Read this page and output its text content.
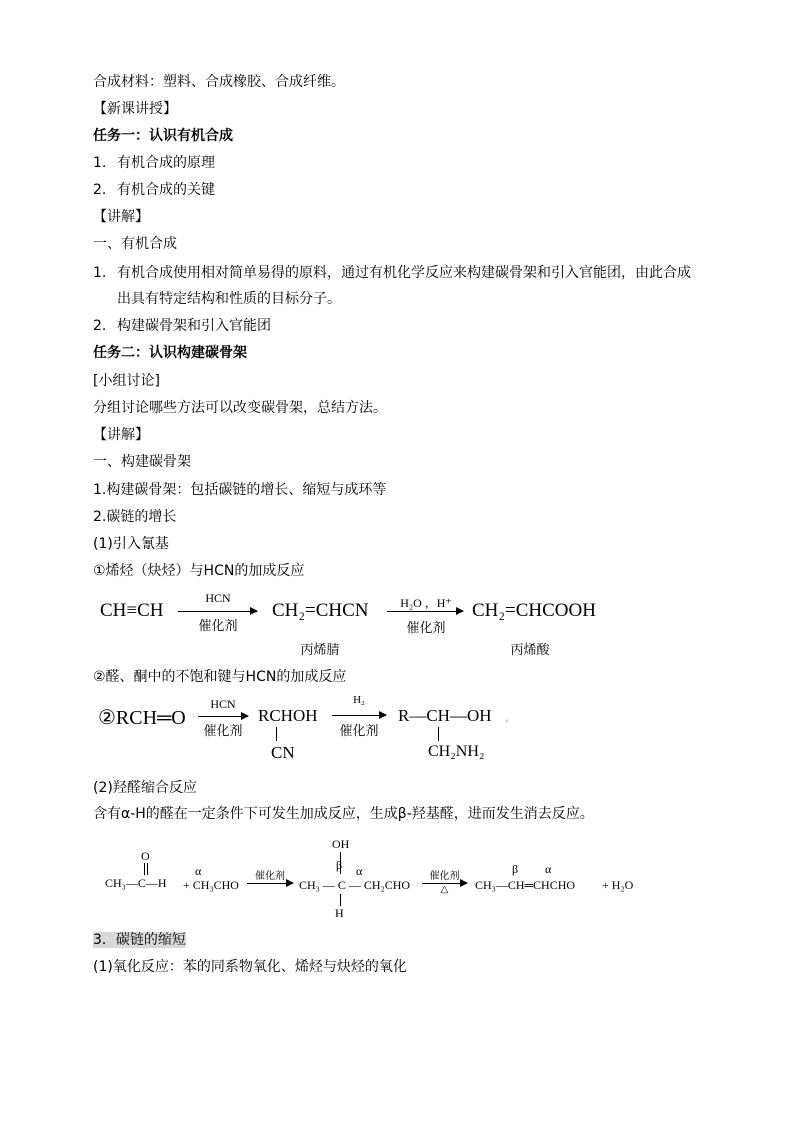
合成材料：塑料、合成橡胶、合成纤维。
【新课讲授】
任务一：认识有机合成
1. 有机合成的原理
2. 有机合成的关键
【讲解】
一、有机合成
1. 有机合成使用相对简单易得的原料，通过有机化学反应来构建碳骨架和引入官能团，由此合成
出具有特定结构和性质的目标分子。
2. 构建碳骨架和引入官能团
任务二：认识构建碳骨架
[小组讨论]
分组讨论哪些方法可以改变碳骨架，总结方法。
【讲解】
一、构建碳骨架
1.构建碳骨架：包括碳链的增长、缩短与成环等
2.碳链的增长
(1)引入氰基
①烯烃（炔烃）与HCN的加成反应
CH≡CH
HCN
催化剂
CH₂=CHCN
丙烯腈
H₂O ，H⁺
催化剂
CH₂=CHCOOH
丙烯酸
②醛、酮中的不饱和键与HCN的加成反应
②RCH═O
HCN
催化剂
RCHOH
CN
H₂
催化剂
R—CH—OH
CH₂NH₂
,
(2)羟醛缩合反应
含有α-H的醛在一定条件下可发生加成反应，生成β-羟基醛，进而发生消去反应。
O
CH₃—C—H
α
+ CH₃CHO
催化剂
OH
β α
CH₃ — C — CH₂CHO
H
催化剂
△
β α
CH₃—CH═CHCHO + H₂O
3．碳链的缩短
(1)氧化反应：苯的同系物氧化、烯烃与炔烃的氧化
